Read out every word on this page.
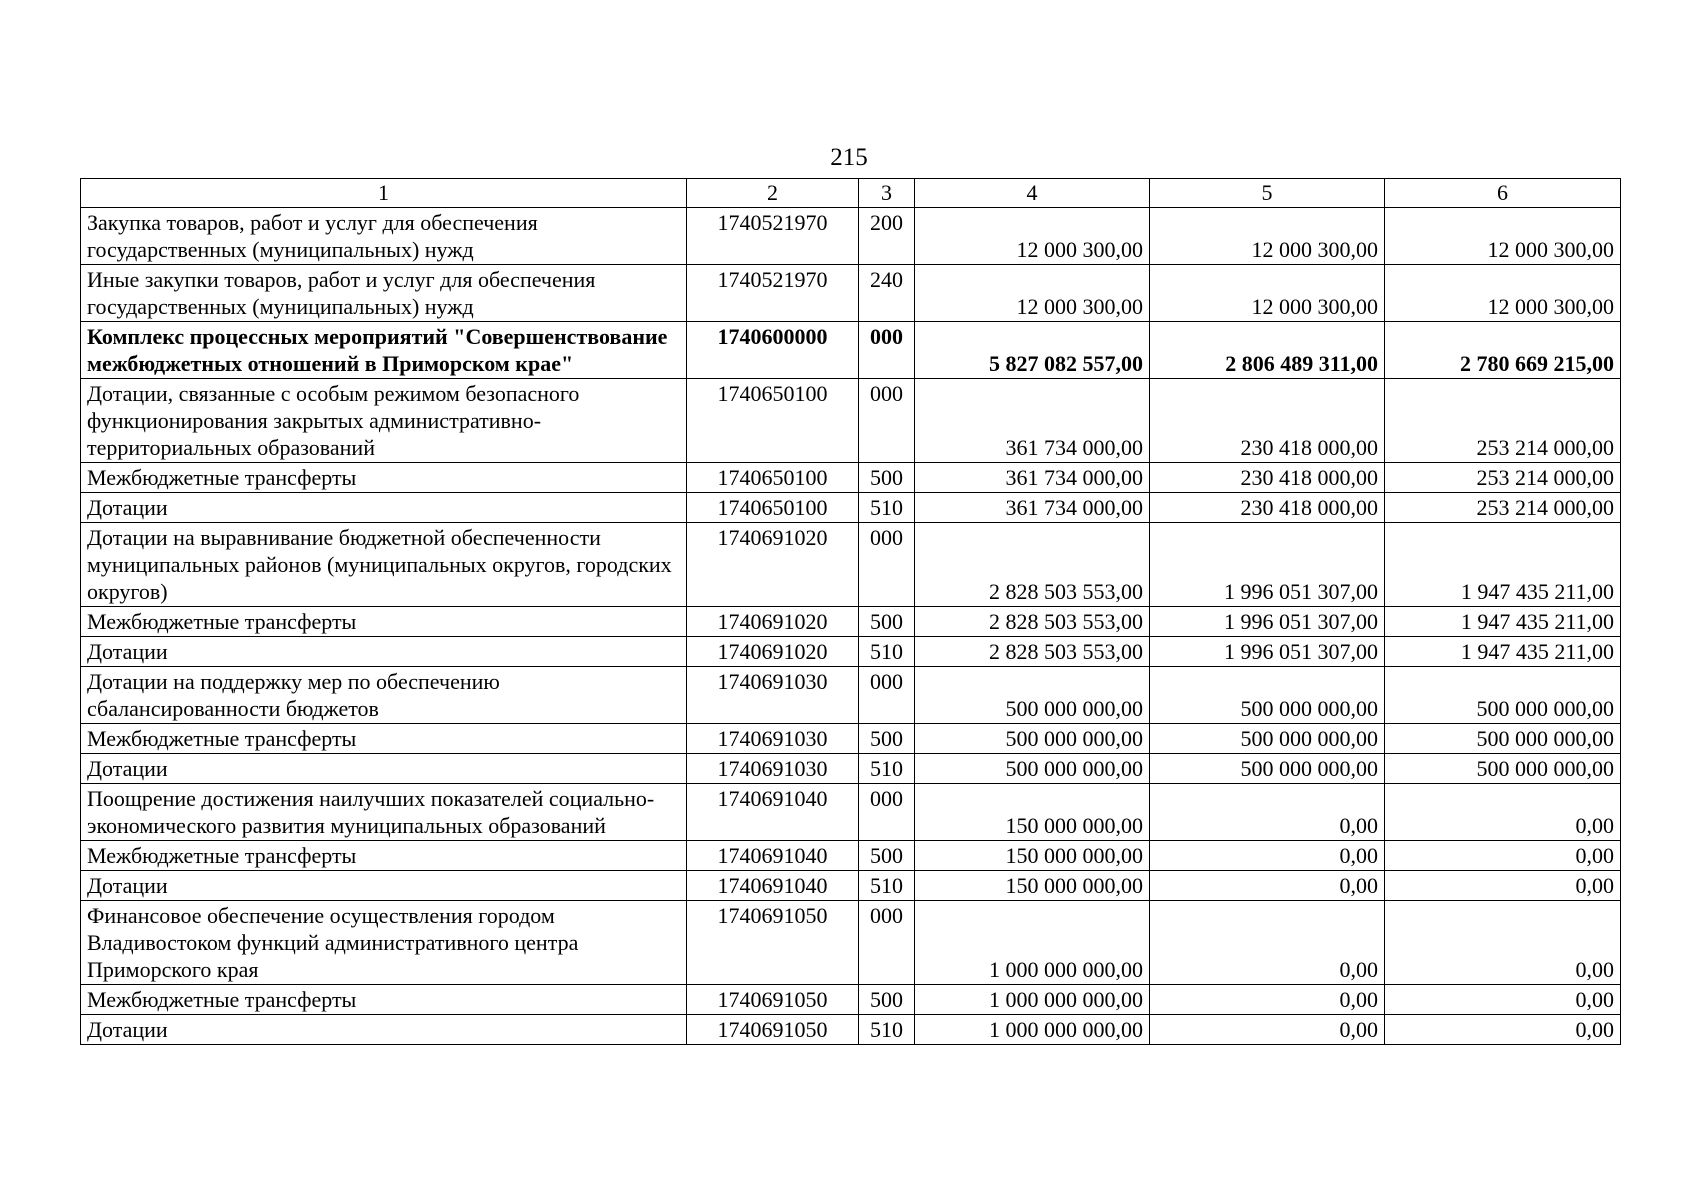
215
1	2	3	4	5	6
Закупка товаров, работ и услуг для обеспечения государственных (муниципальных) нужд	1740521970	200	12 000 300,00	12 000 300,00	12 000 300,00
Иные закупки товаров, работ и услуг для обеспечения государственных (муниципальных) нужд	1740521970	240	12 000 300,00	12 000 300,00	12 000 300,00
Комплекс процессных мероприятий "Совершенствование межбюджетных отношений в Приморском крае"	1740600000	000	5 827 082 557,00	2 806 489 311,00	2 780 669 215,00
Дотации, связанные с особым режимом безопасного функционирования закрытых административно-территориальных образований	1740650100	000	361 734 000,00	230 418 000,00	253 214 000,00
Межбюджетные трансферты	1740650100	500	361 734 000,00	230 418 000,00	253 214 000,00
Дотации	1740650100	510	361 734 000,00	230 418 000,00	253 214 000,00
Дотации на выравнивание бюджетной обеспеченности муниципальных районов (муниципальных округов, городских округов)	1740691020	000	2 828 503 553,00	1 996 051 307,00	1 947 435 211,00
Межбюджетные трансферты	1740691020	500	2 828 503 553,00	1 996 051 307,00	1 947 435 211,00
Дотации	1740691020	510	2 828 503 553,00	1 996 051 307,00	1 947 435 211,00
Дотации на поддержку мер по обеспечению сбалансированности бюджетов	1740691030	000	500 000 000,00	500 000 000,00	500 000 000,00
Межбюджетные трансферты	1740691030	500	500 000 000,00	500 000 000,00	500 000 000,00
Дотации	1740691030	510	500 000 000,00	500 000 000,00	500 000 000,00
Поощрение достижения наилучших показателей социально-экономического развития муниципальных образований	1740691040	000	150 000 000,00	0,00	0,00
Межбюджетные трансферты	1740691040	500	150 000 000,00	0,00	0,00
Дотации	1740691040	510	150 000 000,00	0,00	0,00
Финансовое обеспечение осуществления городом Владивостоком функций административного центра Приморского края	1740691050	000	1 000 000 000,00	0,00	0,00
Межбюджетные трансферты	1740691050	500	1 000 000 000,00	0,00	0,00
Дотации	1740691050	510	1 000 000 000,00	0,00	0,00
